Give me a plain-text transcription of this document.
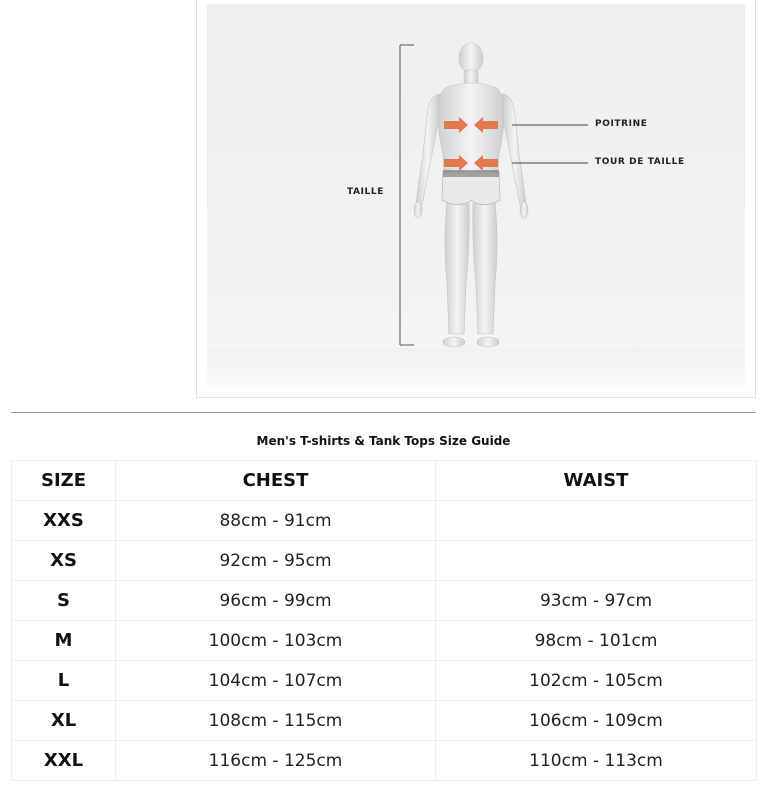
TAILLE
POITRINE
TOUR DE TAILLE
Men's T-shirts & Tank Tops Size Guide
SIZE	CHEST	WAIST
XXS	88cm - 91cm	
XS	92cm - 95cm	
S	96cm - 99cm	93cm - 97cm
M	100cm - 103cm	98cm - 101cm
L	104cm - 107cm	102cm - 105cm
XL	108cm - 115cm	106cm - 109cm
XXL	116cm - 125cm	110cm - 113cm
